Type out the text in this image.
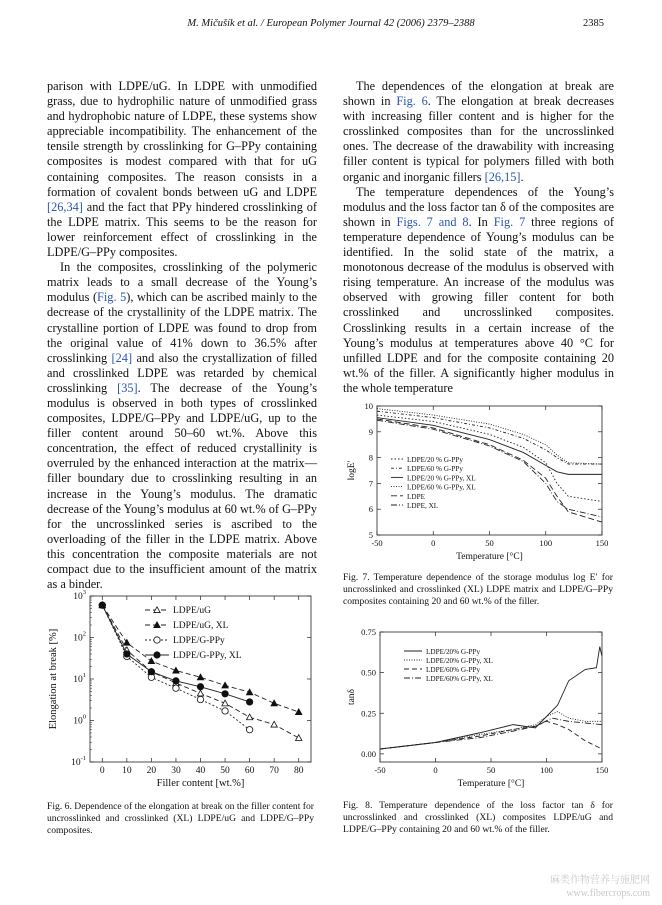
M. Mičušík et al. / European Polymer Journal 42 (2006) 2379–2388	2385

parison with LDPE/uG. In LDPE with unmodified grass, due to hydrophilic nature of unmodified grass and hydrophobic nature of LDPE, these systems show appreciable incompatibility. The enhancement of the tensile strength by crosslinking for G–PPy containing composites is modest compared with that for uG containing composites. The reason consists in a formation of covalent bonds between uG and LDPE [26,34] and the fact that PPy hindered crosslinking of the LDPE matrix. This seems to be the reason for lower reinforcement effect of crosslinking in the LDPE/G–PPy composites.

In the composites, crosslinking of the polymeric matrix leads to a small decrease of the Young’s modulus (Fig. 5), which can be ascribed mainly to the decrease of the crystallinity of the LDPE matrix. The crystalline portion of LDPE was found to drop from the original value of 41% down to 36.5% after crosslinking [24] and also the crystallization of filled and crosslinked LDPE was retarded by chemical crosslinking [35]. The decrease of the Young’s modulus is observed in both types of crosslinked composites, LDPE/G–PPy and LDPE/uG, up to the filler content around 50–60 wt.%. Above this concentration, the effect of reduced crystallinity is overruled by the enhanced interaction at the matrix—filler boundary due to crosslinking resulting in an increase in the Young’s modulus. The dramatic decrease of the Young’s modulus at 60 wt.% of G–PPy for the uncrosslinked series is ascribed to the overloading of the filler in the LDPE matrix. Above this concentration the composite materials are not compact due to the insufficient amount of the matrix as a binder.

The dependences of the elongation at break are shown in Fig. 6. The elongation at break decreases with increasing filler content and is higher for the crosslinked composites than for the uncrosslinked ones. The decrease of the drawability with increasing filler content is typical for polymers filled with both organic and inorganic fillers [26,15].

The temperature dependences of the Young’s modulus and the loss factor tan δ of the composites are shown in Figs. 7 and 8. In Fig. 7 three regions of temperature dependence of Young’s modulus can be identified. In the solid state of the matrix, a monotonous decrease of the modulus is observed with rising temperature. An increase of the modulus was observed with growing filler content for both crosslinked and uncrosslinked composites. Crosslinking results in a certain increase of the Young’s modulus at temperatures above 40 °C for unfilled LDPE and for the composite containing 20 wt.% of the filler. A significantly higher modulus in the whole temperature

0 10 20 30 40 50 60 70 80
$10^{-1}$
$10^0$
$10^1$
$10^2$
$10^3$
Filler content [wt.%]
Elongation at break [%]
LDPE/uG
LDPE/uG, XL
LDPE/G-PPy
LDPE/G-PPy, XL
Fig. 6. Dependence of the elongation at break on the filler content for uncrosslinked and crosslinked (XL) LDPE/uG and LDPE/G–PPy composites.
-50	0	50	100	150
5
6
7
8
9
10
Temperature [°C]
logE'
LDPE/20 % G-PPy
LDPE/60 % G-PPy
LDPE/20 % G-PPy, XL
LDPE/60 % G-PPy, XL
LDPE
LDPE, XL
Fig. 7. Temperature dependence of the storage modulus log E′ for uncrosslinked and crosslinked (XL) LDPE matrix and LDPE/G–PPy composites containing 20 and 60 wt.% of the filler.
-50	0	50	100	150
0.00
0.25
0.50
0.75
Temperature [°C]
tanδ
LDPE/20% G-PPy
LDPE/20% G-PPy, XL
LDPE/60% G-PPy
LDPE/60% G-PPy, XL
Fig. 8. Temperature dependence of the loss factor tan δ for uncrosslinked and crosslinked (XL) composites LDPE/uG and LDPE/G–PPy containing 20 and 60 wt.% of the filler.
麻类作物营养与施肥网
www.fibercrops.com
